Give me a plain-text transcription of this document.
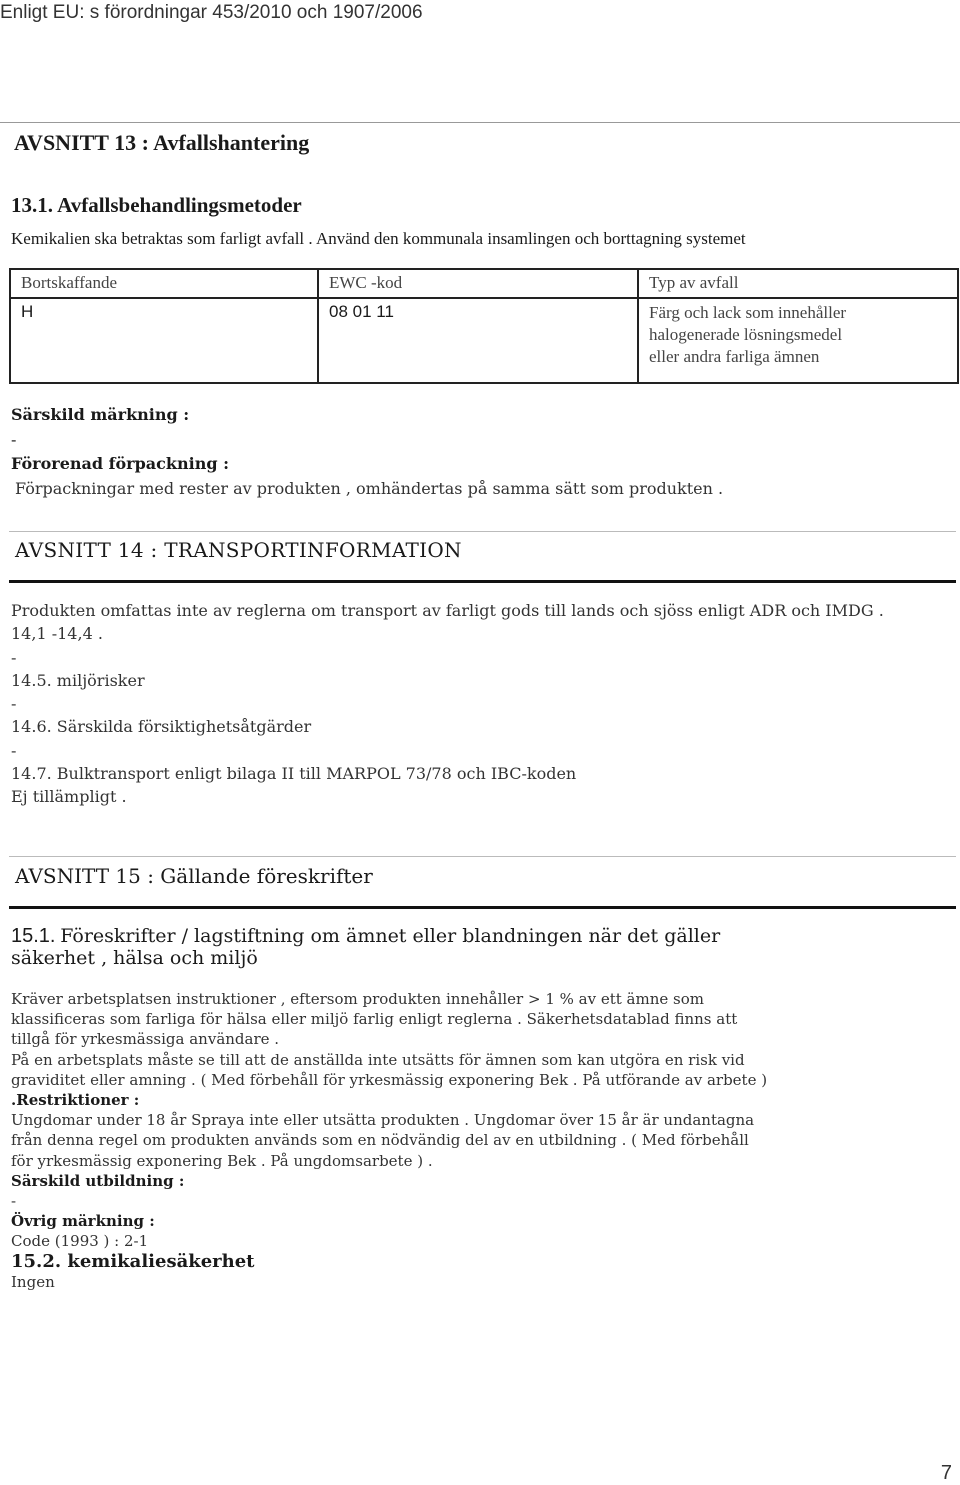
Enligt EU: s förordningar 453/2010 och 1907/2006
AVSNITT 13 : Avfallshantering
13.1. Avfallsbehandlingsmetoder
Kemikalien ska betraktas som farligt avfall . Använd den kommunala insamlingen och borttagning systemet
Bortskaffande	EWC -kod	Typ av avfall
H	08 01 11	Färg och lack som innehåller
halogenerade lösningsmedel
eller andra farliga ämnen
Särskild märkning :
-
Förorenad förpackning :
Förpackningar med rester av produkten , omhändertas på samma sätt som produkten .
AVSNITT 14 : TRANSPORTINFORMATION
Produkten omfattas inte av reglerna om transport av farligt gods till lands och sjöss enligt ADR och IMDG .
14,1 -14,4 .
-
14.5. miljörisker
-
14.6. Särskilda försiktighetsåtgärder
-
14.7. Bulktransport enligt bilaga II till MARPOL 73/78 och IBC-koden
Ej tillämpligt .
AVSNITT 15 : Gällande föreskrifter
15.1. Föreskrifter / lagstiftning om ämnet eller blandningen när det gäller
säkerhet , hälsa och miljö
Kräver arbetsplatsen instruktioner , eftersom produkten innehåller > 1 % av ett ämne som
klassificeras som farliga för hälsa eller miljö farlig enligt reglerna . Säkerhetsdatablad finns att
tillgå för yrkesmässiga användare .
På en arbetsplats måste se till att de anställda inte utsätts för ämnen som kan utgöra en risk vid
graviditet eller amning . ( Med förbehåll för yrkesmässig exponering Bek . På utförande av arbete )
.Restriktioner :
Ungdomar under 18 år Spraya inte eller utsätta produkten . Ungdomar över 15 år är undantagna
från denna regel om produkten används som en nödvändig del av en utbildning . ( Med förbehåll
för yrkesmässig exponering Bek . På ungdomsarbete ) .
Särskild utbildning :
-
Övrig märkning :
Code (1993 ) : 2-1
15.2. kemikaliesäkerhet
Ingen
7
